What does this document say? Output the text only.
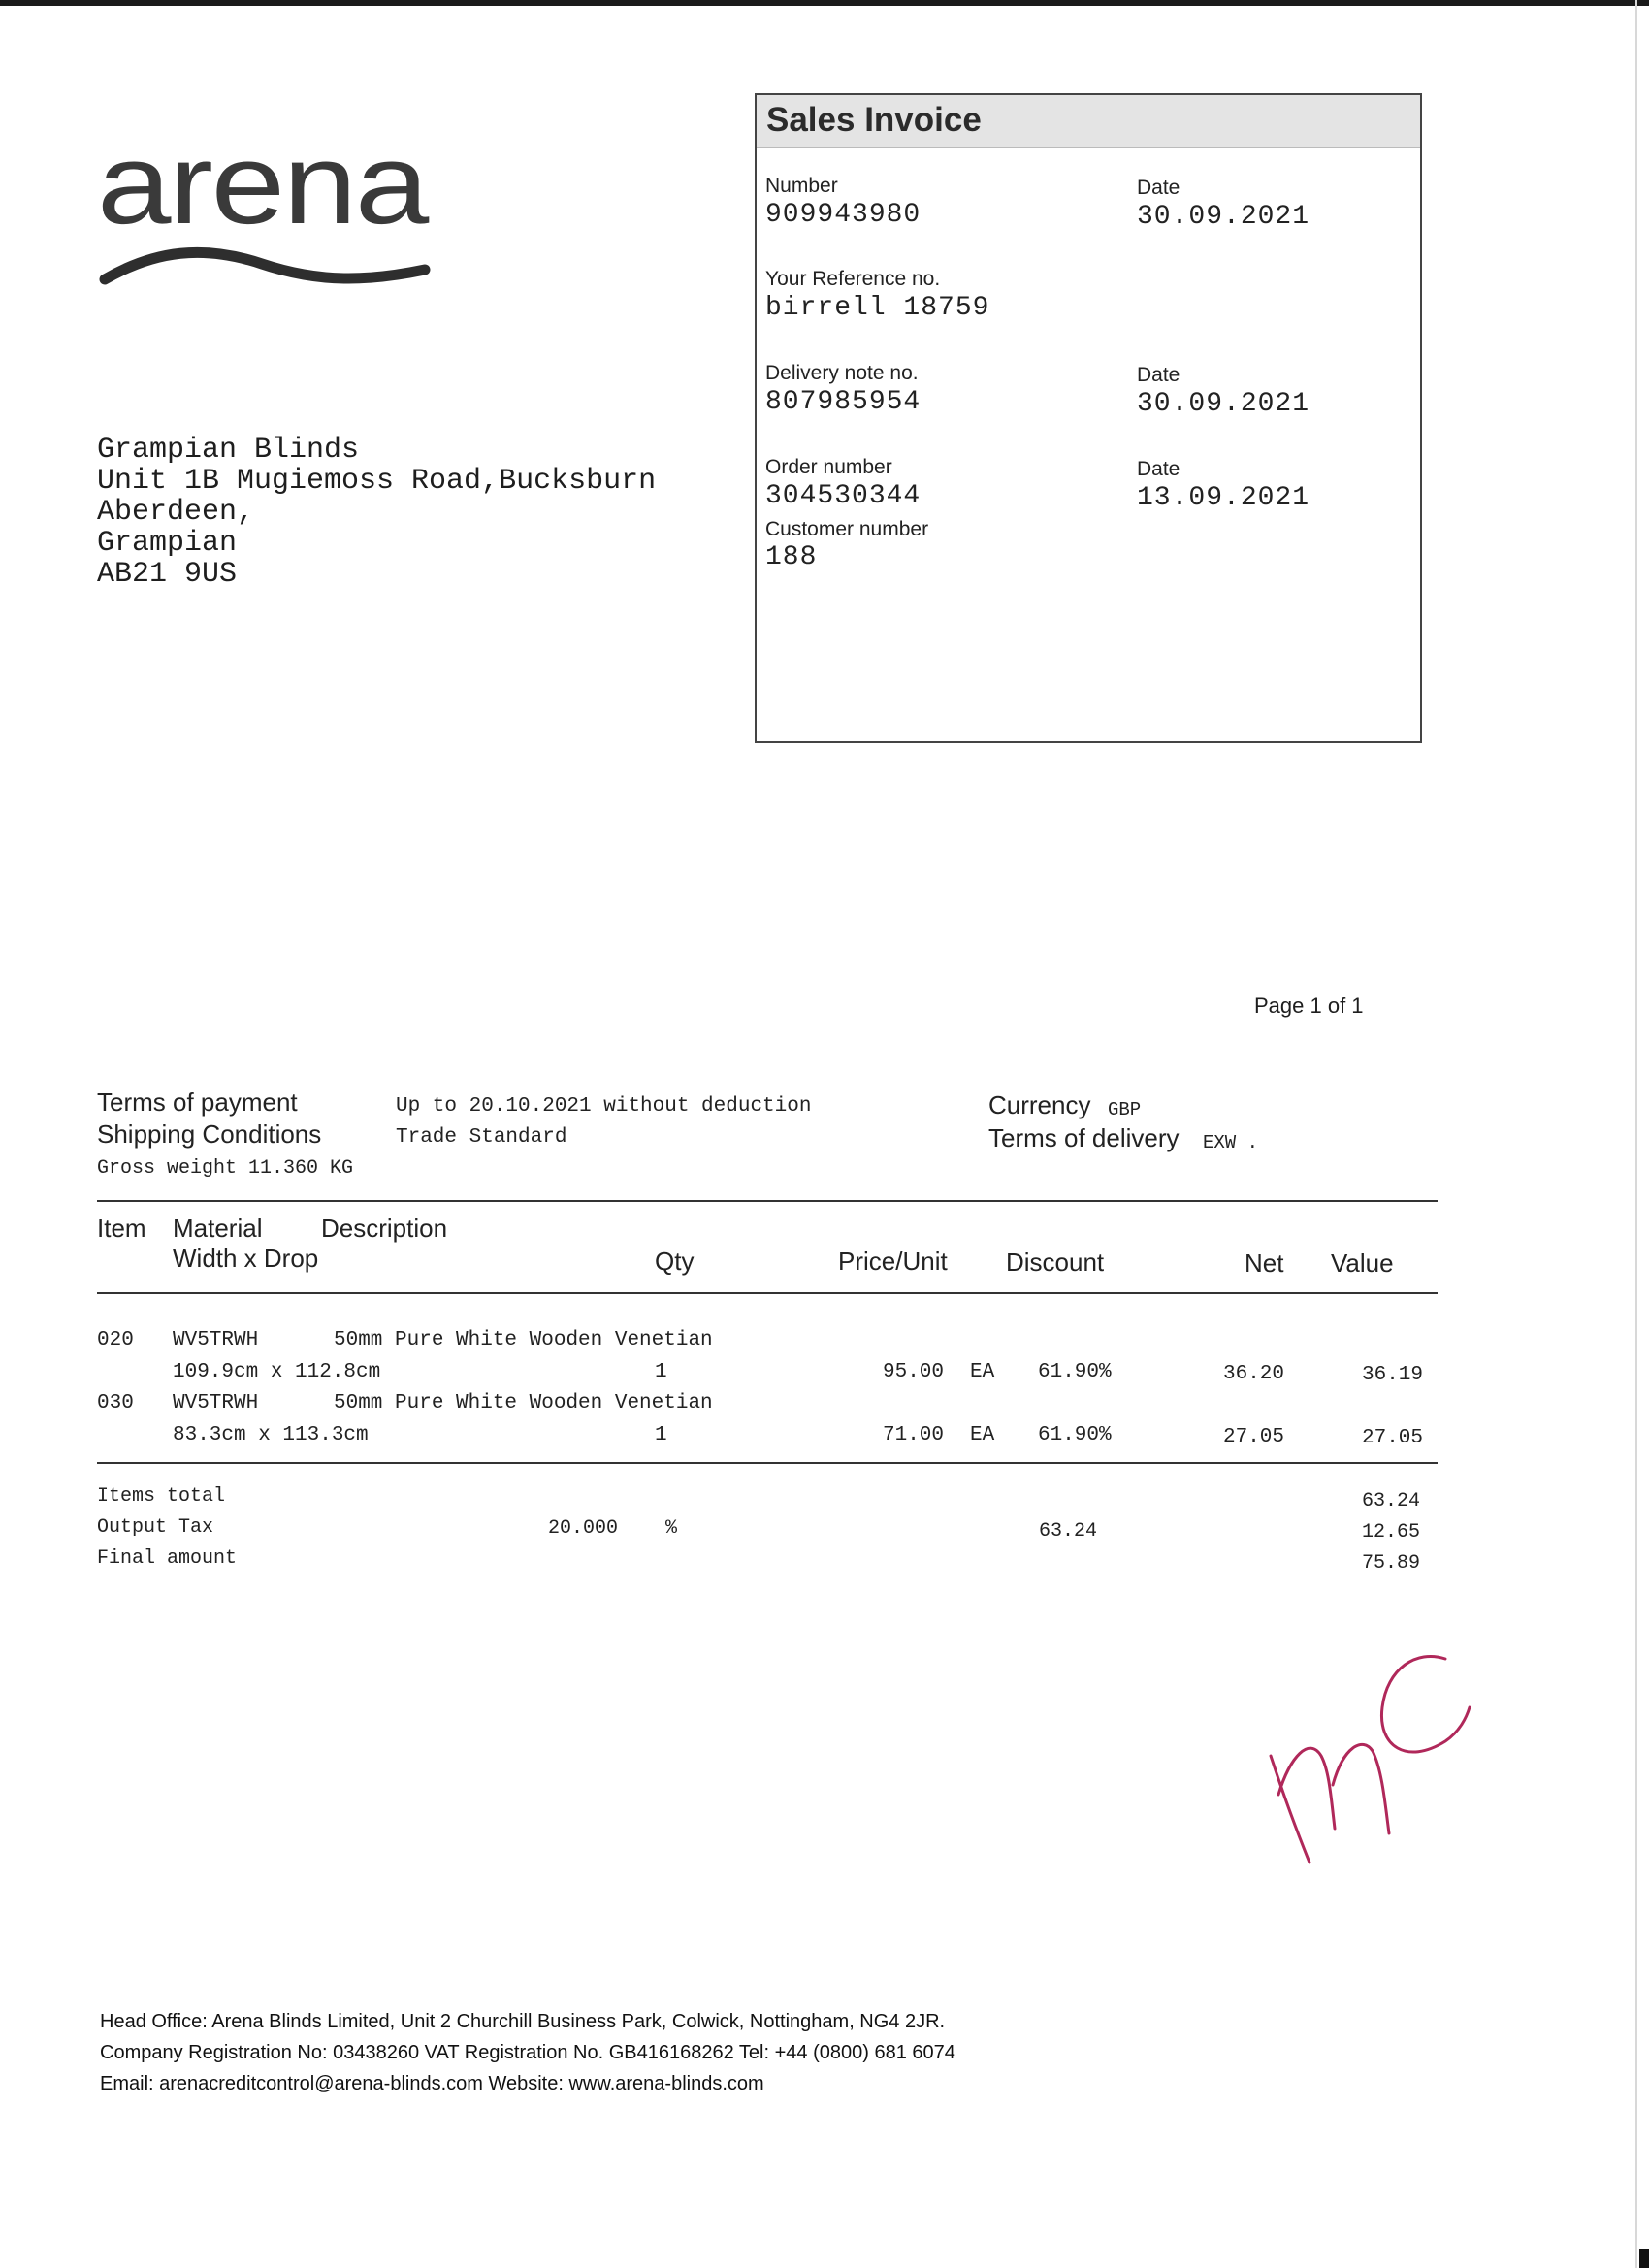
arena
Grampian Blinds
Unit 1B Mugiemoss Road,Bucksburn
Aberdeen,
Grampian
AB21 9US
Sales Invoice
Number
909943980
Date
30.09.2021
Your Reference no.
birrell 18759
Delivery note no.
807985954
Date
30.09.2021
Order number
304530344
Date
13.09.2021
Customer number
188
Page 1 of 1
Terms of payment	Up to 20.10.2021 without deduction
Shipping Conditions	Trade Standard
Gross weight 11.360 KG
Currency GBP
Terms of delivery EXW .
Item Material Description
Width x Drop	Qty	Price/Unit Discount	Net Value
020 WV5TRWH	50mm Pure White Wooden Venetian
109.9cm x 112.8cm	1	95.00 EA 61.90%	36.20	36.19
030 WV5TRWH	50mm Pure White Wooden Venetian
83.3cm x 113.3cm	1	71.00 EA 61.90%	27.05	27.05
Items total	63.24
Output Tax	20.000 %	63.24	12.65
Final amount	75.89
Head Office: Arena Blinds Limited, Unit 2 Churchill Business Park, Colwick, Nottingham, NG4 2JR.
Company Registration No: 03438260 VAT Registration No. GB416168262 Tel: +44 (0800) 681 6074
Email: arenacreditcontrol@arena-blinds.com Website: www.arena-blinds.com
